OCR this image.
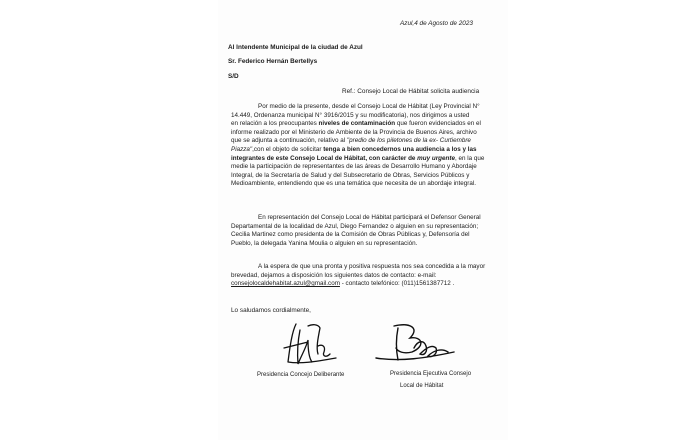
Azul,4 de Agosto de 2023
Al Intendente Municipal de la ciudad de Azul
Sr. Federico Hernán Bertellys
S/D
Ref.: Consejo Local de Hábitat solicita audiencia
Por medio de la presente, desde el Consejo Local de Hábitat (Ley Provincial N°
14.449, Ordenanza municipal N° 3916/2015 y su modificatoria), nos dirigimos a usted
en relación a los preocupantes niveles de contaminación que fueron evidenciados en el
informe realizado por el Ministerio de Ambiente de la Provincia de Buenos Aires, archivo
que se adjunta a continuación, relativo al "predio de los piletones de la ex- Curtiembre
Piazza",con el objeto de solicitar tenga a bien concedernos una audiencia a los y las
integrantes de este Consejo Local de Hábitat, con carácter de muy urgente, en la que
medie la participación de representantes de las áreas de Desarrollo Humano y Abordaje
Integral, de la Secretaría de Salud y del Subsecretario de Obras, Servicios Públicos y
Medioambiente, entendiendo que es una temática que necesita de un abordaje integral.
En representación del Consejo Local de Hábitat participará el Defensor General
Departamental de la localidad de Azul, Diego Fernandez o alguien en su representación;
Cecilia Martinez como presidenta de la Comisión de Obras Públicas y, Defensoría del
Pueblo, la delegada Yanina Moulia o alguien en su representación.
A la espera de que una pronta y positiva respuesta nos sea concedida a la mayor
brevedad, dejamos a disposición los siguientes datos de contacto: e-mail:
consejolocaldehabitat.azul@gmail.com - contacto telefónico: (011)1561387712 .
Lo saludamos cordialmente,
Presidencia Concejo Deliberante	Presidencia Ejecutiva Consejo
Local de Hábitat
